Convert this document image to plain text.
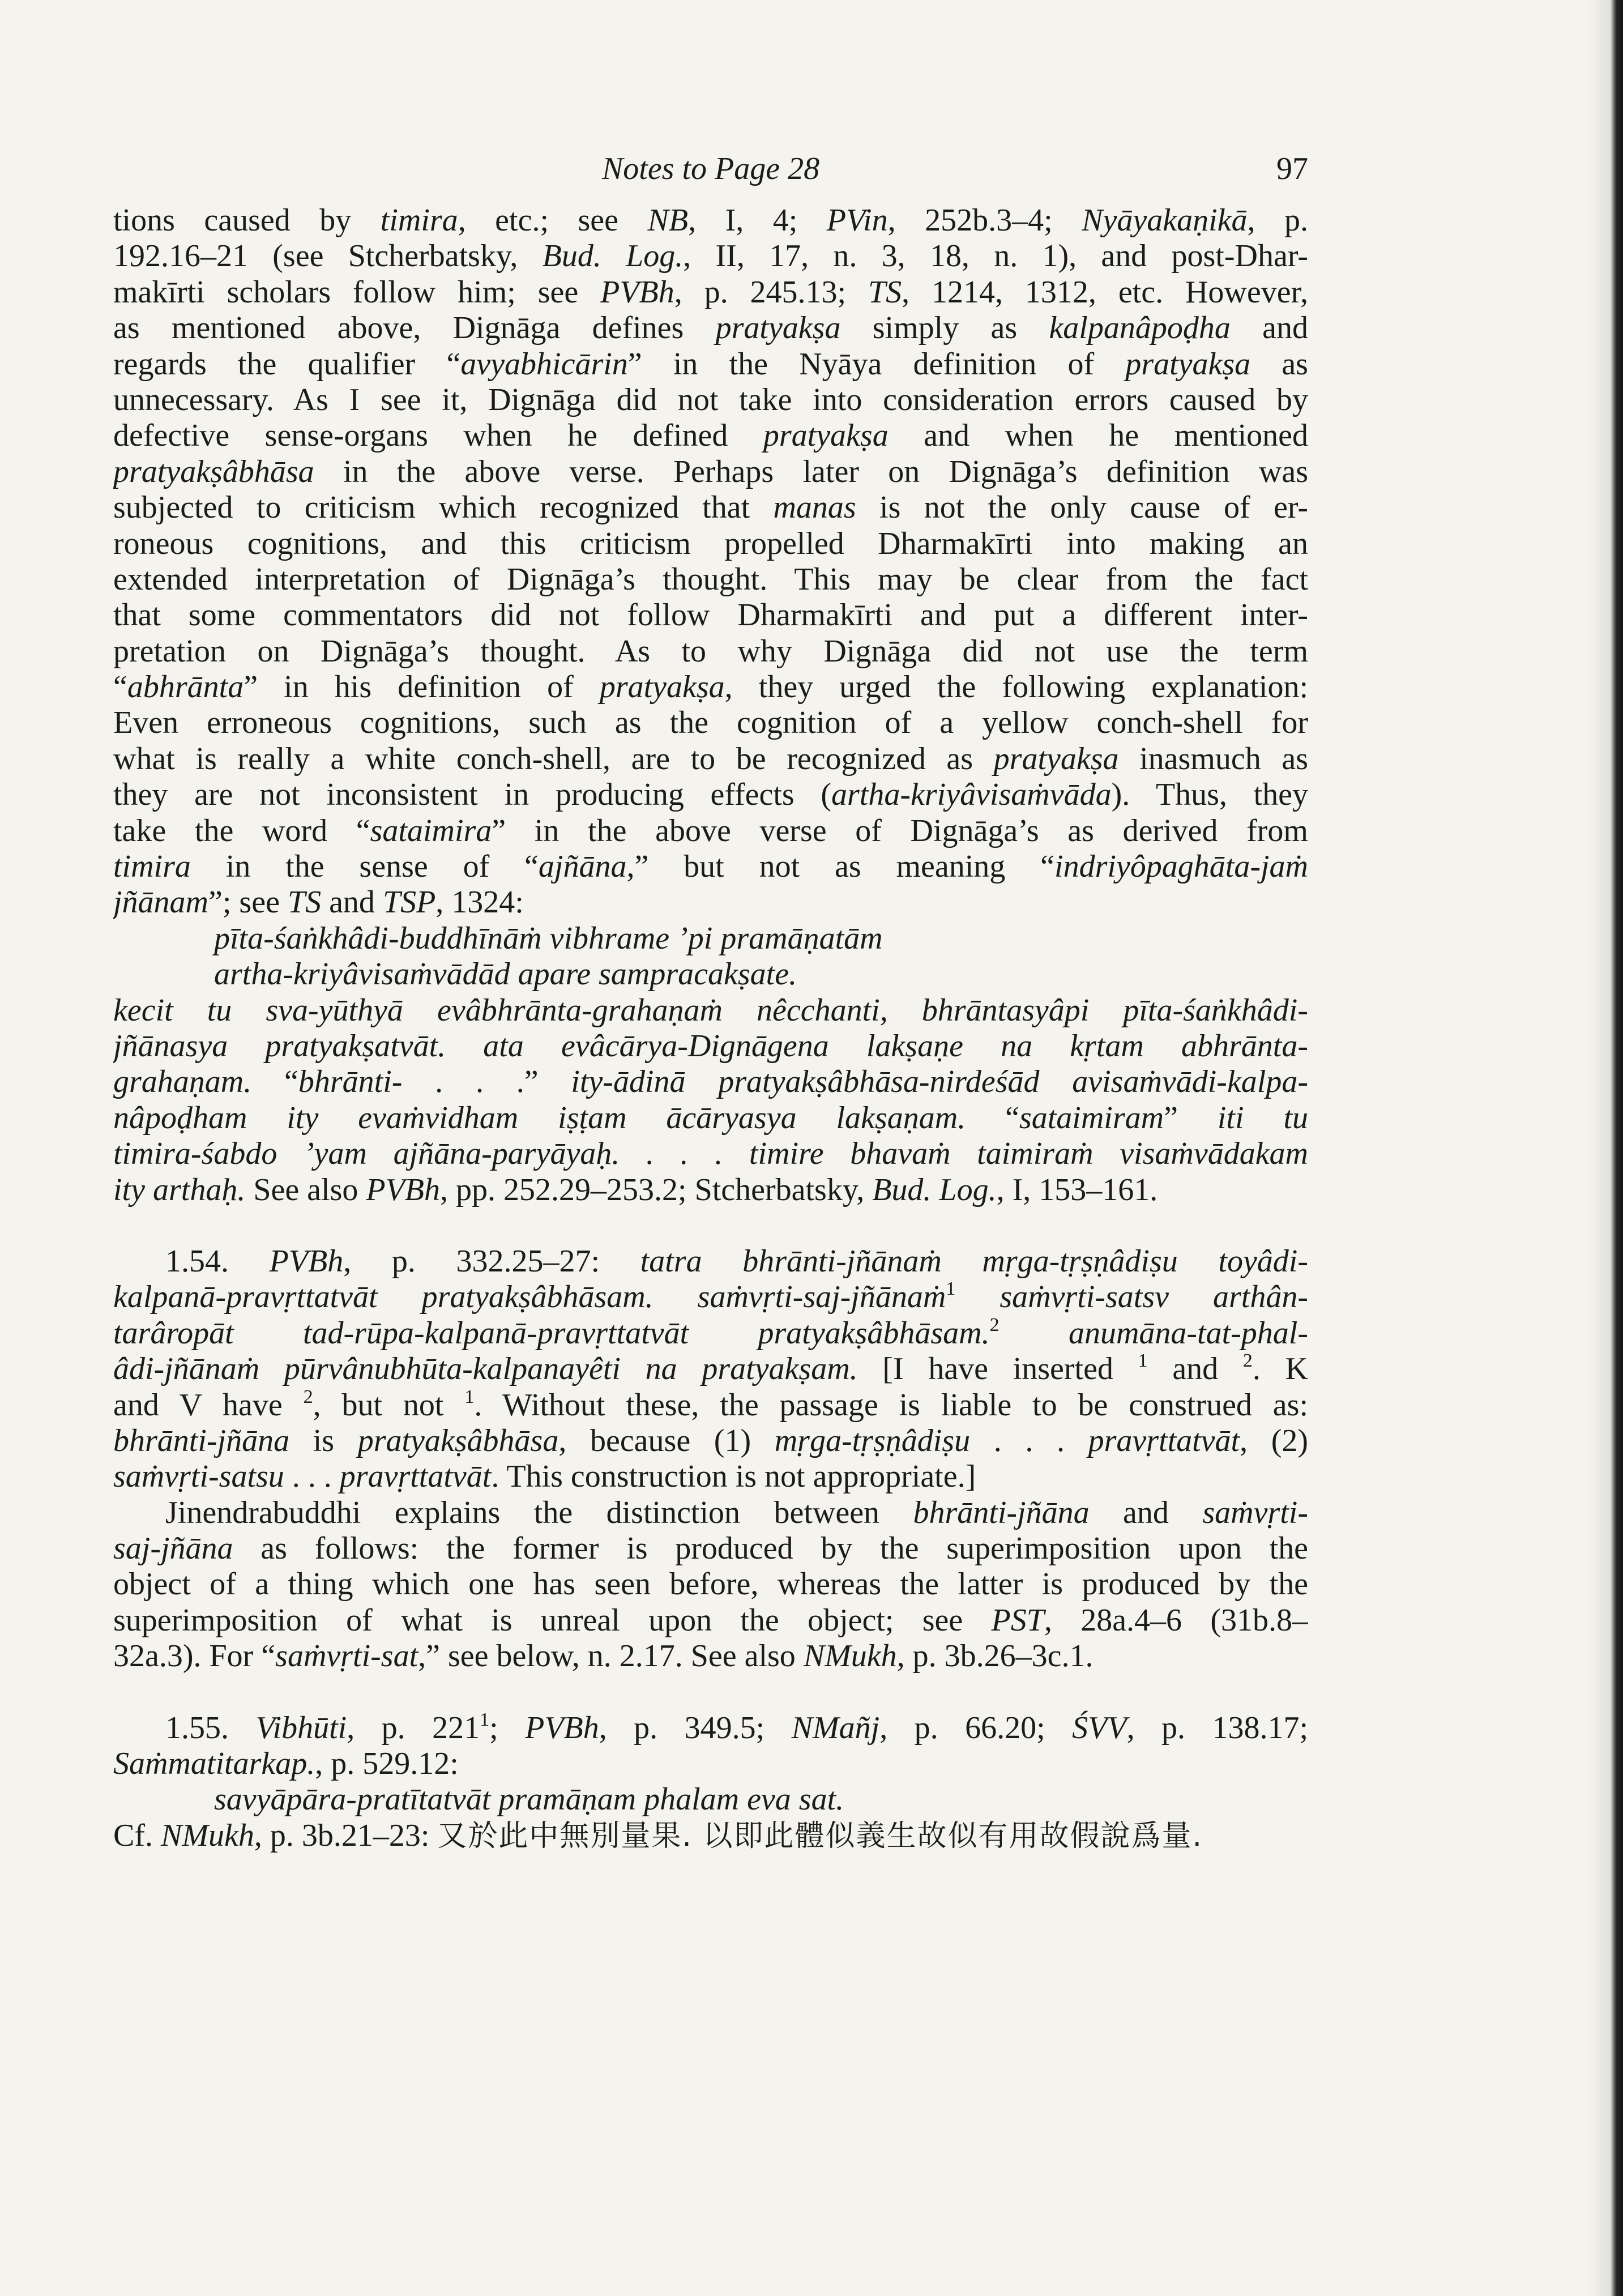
Notes to Page 28	97
tions caused by timira, etc.; see NB, I, 4; PVin, 252b.3–4; Nyāyakaṇikā, p.
192.16–21 (see Stcherbatsky, Bud. Log., II, 17, n. 3, 18, n. 1), and post-Dhar-
makīrti scholars follow him; see PVBh, p. 245.13; TS, 1214, 1312, etc. However,
as mentioned above, Dignāga defines pratyakṣa simply as kalpanâpoḍha and
regards the qualifier “avyabhicārin” in the Nyāya definition of pratyakṣa as
unnecessary. As I see it, Dignāga did not take into consideration errors caused by
defective sense-organs when he defined pratyakṣa and when he mentioned
pratyakṣâbhāsa in the above verse. Perhaps later on Dignāga’s definition was
subjected to criticism which recognized that manas is not the only cause of er-
roneous cognitions, and this criticism propelled Dharmakīrti into making an
extended interpretation of Dignāga’s thought. This may be clear from the fact
that some commentators did not follow Dharmakīrti and put a different inter-
pretation on Dignāga’s thought. As to why Dignāga did not use the term
“abhrānta” in his definition of pratyakṣa, they urged the following explanation:
Even erroneous cognitions, such as the cognition of a yellow conch-shell for
what is really a white conch-shell, are to be recognized as pratyakṣa inasmuch as
they are not inconsistent in producing effects (artha-kriyâvisaṁvāda). Thus, they
take the word “sataimira” in the above verse of Dignāga’s as derived from
timira in the sense of “ajñāna,” but not as meaning “indriyôpaghāta-jaṁ
jñānam”; see TS and TSP, 1324:
pīta-śaṅkhâdi-buddhīnāṁ vibhrame ’pi pramāṇatām
artha-kriyâvisaṁvādād apare sampracakṣate.
kecit tu sva-yūthyā evâbhrānta-grahaṇaṁ nêcchanti, bhrāntasyâpi pīta-śaṅkhâdi-
jñānasya pratyakṣatvāt. ata evâcārya-Dignāgena lakṣaṇe na kṛtam abhrānta-
grahaṇam. “bhrānti- . . .” ity-ādinā pratyakṣâbhāsa-nirdeśād avisaṁvādi-kalpa-
nâpoḍham ity evaṁvidham iṣṭam ācāryasya lakṣaṇam. “sataimiram” iti tu
timira-śabdo ’yam ajñāna-paryāyaḥ. . . . timire bhavaṁ taimiraṁ visaṁvādakam
ity arthaḥ. See also PVBh, pp. 252.29–253.2; Stcherbatsky, Bud. Log., I, 153–161.
1.54. PVBh, p. 332.25–27: tatra bhrānti-jñānaṁ mṛga-tṛṣṇâdiṣu toyâdi-
kalpanā-pravṛttatvāt pratyakṣâbhāsam. saṁvṛti-saj-jñānaṁ$^1$ saṁvṛti-satsv arthân-
tarâropāt tad-rūpa-kalpanā-pravṛttatvāt pratyakṣâbhāsam.$^2$ anumāna-tat-phal-
âdi-jñānaṁ pūrvânubhūta-kalpanayêti na pratyakṣam. [I have inserted $^1$ and $^2$. K
and V have $^2$, but not $^1$. Without these, the passage is liable to be construed as:
bhrānti-jñāna is pratyakṣâbhāsa, because (1) mṛga-tṛṣṇâdiṣu . . . pravṛttatvāt, (2)
saṁvṛti-satsu . . . pravṛttatvāt. This construction is not appropriate.]
Jinendrabuddhi explains the distinction between bhrānti-jñāna and saṁvṛti-
saj-jñāna as follows: the former is produced by the superimposition upon the
object of a thing which one has seen before, whereas the latter is produced by the
superimposition of what is unreal upon the object; see PST, 28a.4–6 (31b.8–
32a.3). For “saṁvṛti-sat,” see below, n. 2.17. See also NMukh, p. 3b.26–3c.1.
1.55. Vibhūti, p. $221^1$; PVBh, p. 349.5; NMañj, p. 66.20; ŚVV, p. 138.17;
Saṁmatitarkap., p. 529.12:
savyāpāra-pratītatvāt pramāṇam phalam eva sat.
Cf. NMukh, p. 3b.21–23: 又於此中無別量果. 以即此體似義生故似有用故假說爲量.
